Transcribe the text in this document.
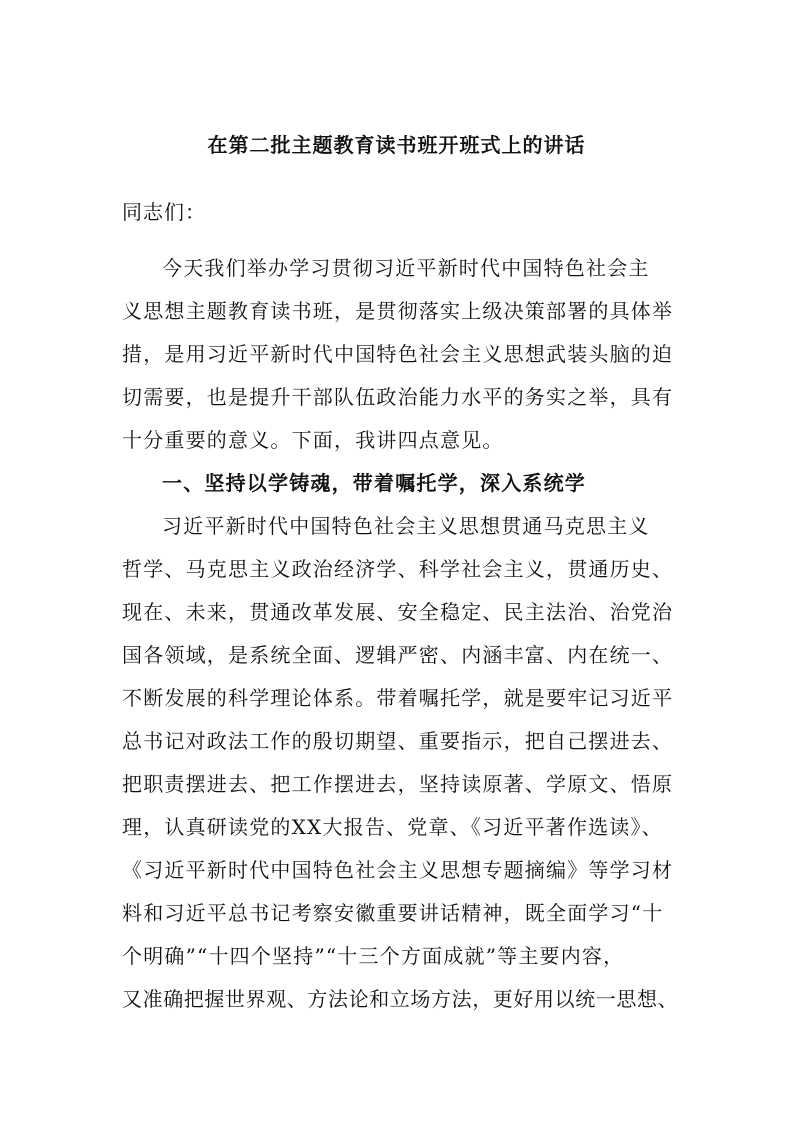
在第二批主题教育读书班开班式上的讲话
同志们：
今天我们举办学习贯彻习近平新时代中国特色社会主
义思想主题教育读书班，是贯彻落实上级决策部署的具体举
措，是用习近平新时代中国特色社会主义思想武装头脑的迫
切需要，也是提升干部队伍政治能力水平的务实之举，具有
十分重要的意义。下面，我讲四点意见。
一、坚持以学铸魂，带着嘱托学，深入系统学
习近平新时代中国特色社会主义思想贯通马克思主义
哲学、马克思主义政治经济学、科学社会主义，贯通历史、
现在、未来，贯通改革发展、安全稳定、民主法治、治党治
国各领域，是系统全面、逻辑严密、内涵丰富、内在统一、
不断发展的科学理论体系。带着嘱托学，就是要牢记习近平
总书记对政法工作的殷切期望、重要指示，把自己摆进去、
把职责摆进去、把工作摆进去，坚持读原著、学原文、悟原
理，认真研读党的XX大报告、党章、《习近平著作选读》、
《习近平新时代中国特色社会主义思想专题摘编》等学习材
料和习近平总书记考察安徽重要讲话精神，既全面学习“十
个明确”“十四个坚持”“十三个方面成就”等主要内容，
又准确把握世界观、方法论和立场方法，更好用以统一思想、
